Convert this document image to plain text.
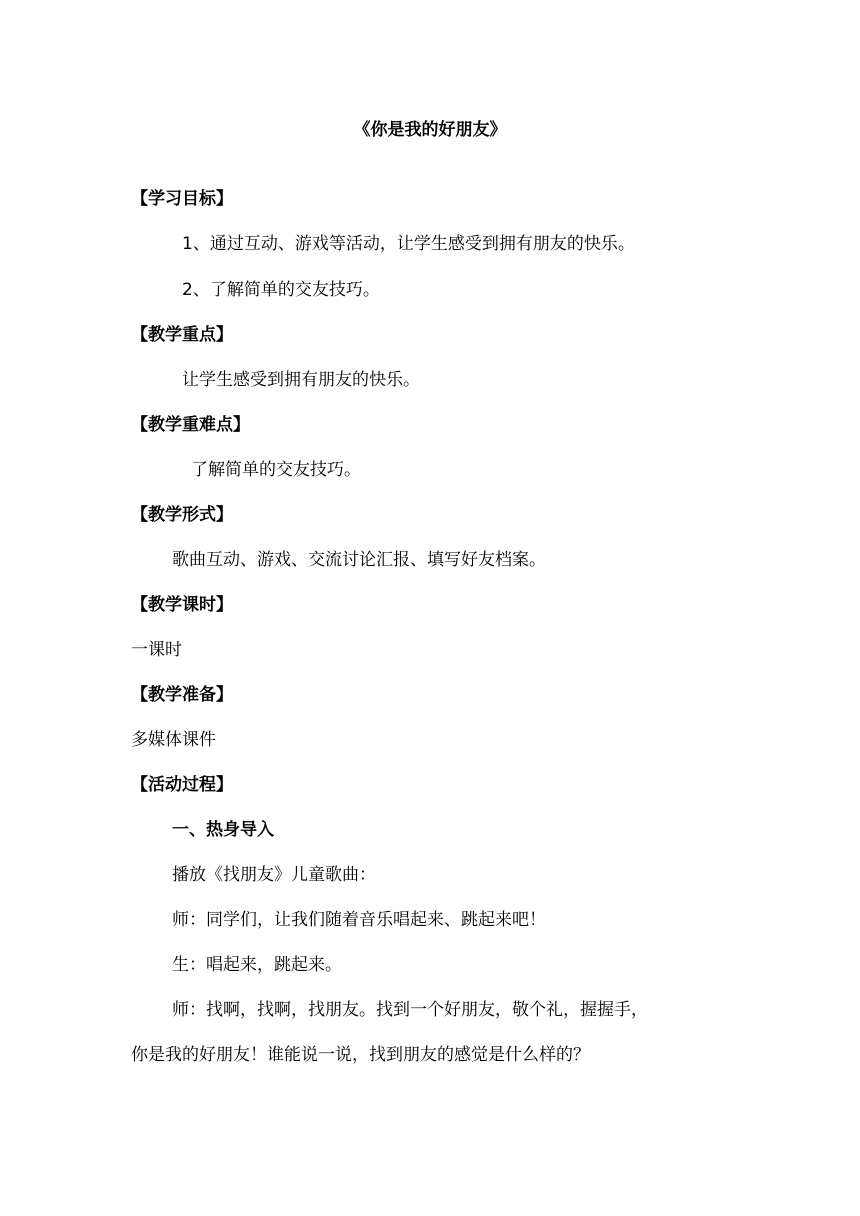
《你是我的好朋友》
【学习目标】
1、通过互动、游戏等活动，让学生感受到拥有朋友的快乐。
2、了解简单的交友技巧。
【教学重点】
让学生感受到拥有朋友的快乐。
【教学重难点】
了解简单的交友技巧。
【教学形式】
歌曲互动、游戏、交流讨论汇报、填写好友档案。
【教学课时】
一课时
【教学准备】
多媒体课件
【活动过程】
一、热身导入
播放《找朋友》儿童歌曲：
师：同学们，让我们随着音乐唱起来、跳起来吧！
生：唱起来，跳起来。
师：找啊，找啊，找朋友。找到一个好朋友，敬个礼，握握手，
你是我的好朋友！谁能说一说，找到朋友的感觉是什么样的？
